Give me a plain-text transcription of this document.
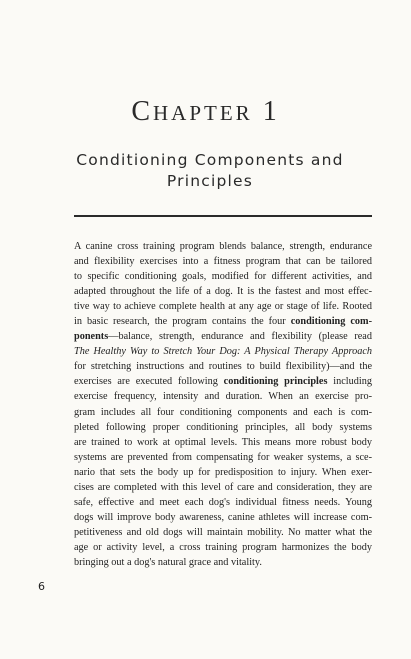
CHAPTER 1
Conditioning Components and
Principles
A canine cross training program blends balance, strength, endurance
and flexibility exercises into a fitness program that can be tailored
to specific conditioning goals, modified for different activities, and
adapted throughout the life of a dog. It is the fastest and most effec-
tive way to achieve complete health at any age or stage of life. Rooted
in basic research, the program contains the four conditioning com-
ponents—balance, strength, endurance and flexibility (please read
The Healthy Way to Stretch Your Dog: A Physical Therapy Approach
for stretching instructions and routines to build flexibility)—and the
exercises are executed following conditioning principles including
exercise frequency, intensity and duration. When an exercise pro-
gram includes all four conditioning components and each is com-
pleted following proper conditioning principles, all body systems
are trained to work at optimal levels. This means more robust body
systems are prevented from compensating for weaker systems, a sce-
nario that sets the body up for predisposition to injury. When exer-
cises are completed with this level of care and consideration, they are
safe, effective and meet each dog's individual fitness needs. Young
dogs will improve body awareness, canine athletes will increase com-
petitiveness and old dogs will maintain mobility. No matter what the
age or activity level, a cross training program harmonizes the body
bringing out a dog's natural grace and vitality.
6
